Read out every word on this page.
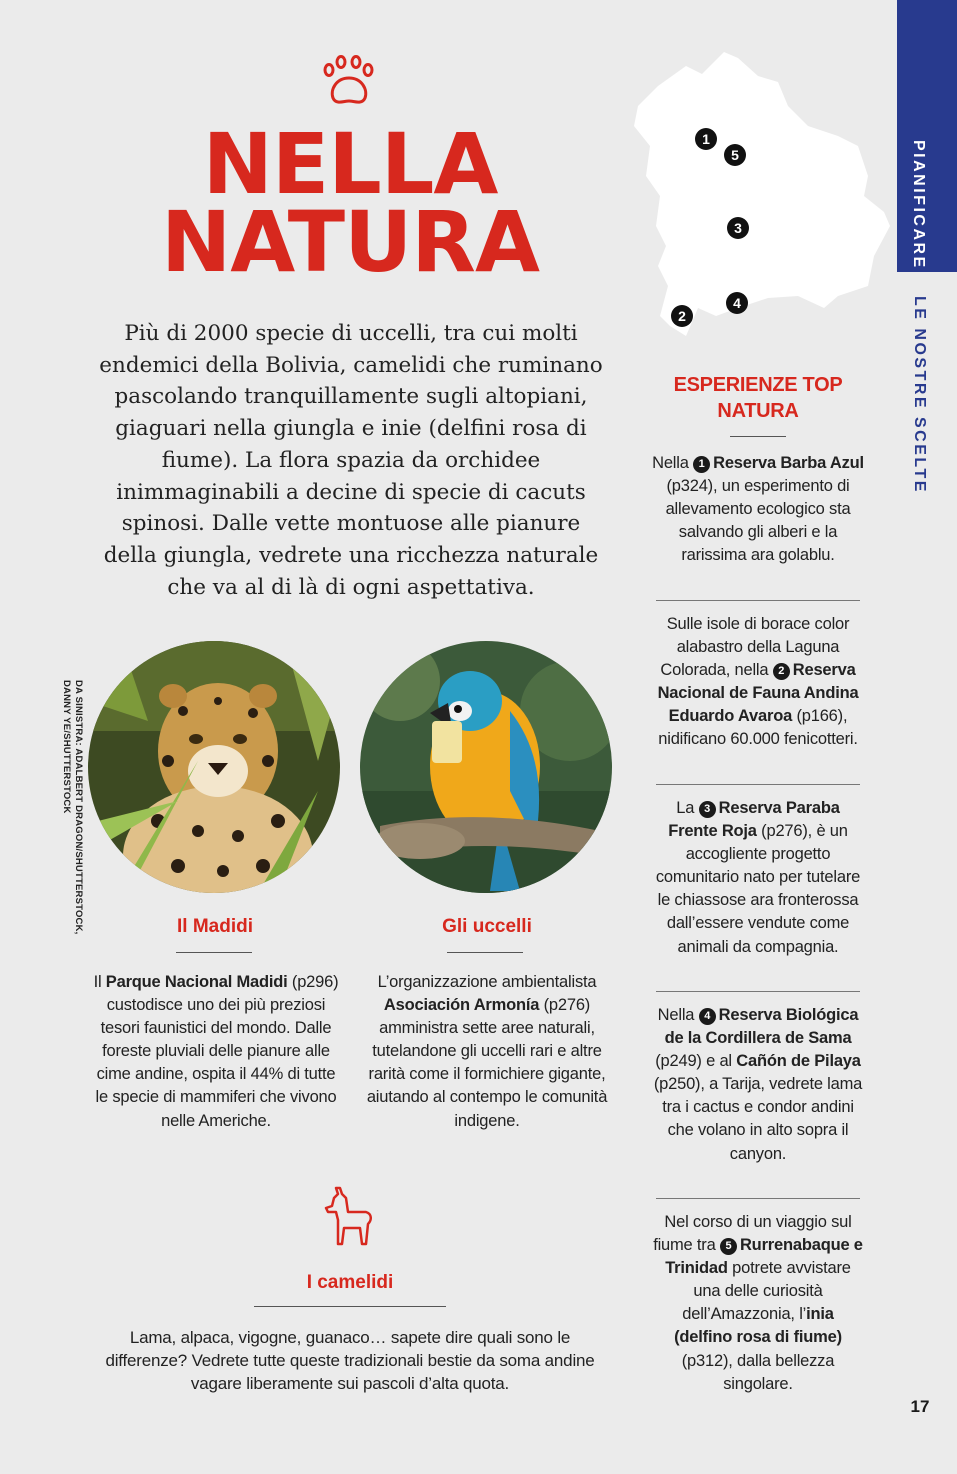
PIANIFICARE
LE NOSTRE SCELTE
NELLA
NATURA
Più di 2000 specie di uccelli, tra cui molti endemici della Bolivia, camelidi che ruminano pascolando tranquillamente sugli altopiani, giaguari nella giungla e inie (delfini rosa di fiume). La flora spazia da orchidee inimmaginabili a decine di specie di cacuts spinosi. Dalle vette montuose alle pianure della giungla, vedrete una ricchezza naturale che va al di là di ogni aspettativa.
DA SINISTRA: ADALBERT DRAGON/SHUTTERSTOCK,
DANNY YE/SHUTTERSTOCK
Il Madidi
Il Parque Nacional Madidi (p296) custodisce uno dei più preziosi tesori faunistici del mondo. Dalle foreste pluviali delle pianure alle cime andine, ospita il 44% di tutte le specie di mammiferi che vivono nelle Americhe.
Gli uccelli
L’organizzazione ambientalista Asociación Armonía (p276) amministra sette aree naturali, tutelandone gli uccelli rari e altre rarità come il formichiere gigante, aiutando al contempo le comunità indigene.
I camelidi
Lama, alpaca, vigogne, guanaco… sapete dire quali sono le differenze? Vedrete tutte queste tradizionali bestie da soma andine vagare liberamente sui pascoli d’alta quota.
1
5
3
2
4
ESPERIENZE TOP
NATURA
Nella 1 Reserva Barba Azul (p324), un esperimento di allevamento ecologico sta salvando gli alberi e la rarissima ara golablu.
Sulle isole di borace color alabastro della Laguna Colorada, nella 2 Reserva Nacional de Fauna Andina Eduardo Avaroa (p166), nidificano 60.000 fenicotteri.
La 3 Reserva Paraba Frente Roja (p276), è un accogliente progetto comunitario nato per tutelare le chiassose ara fronterossa dall’essere vendute come animali da compagnia.
Nella 4 Reserva Biológica de la Cordillera de Sama (p249) e al Cañón de Pilaya (p250), a Tarija, vedrete lama tra i cactus e condor andini che volano in alto sopra il canyon.
Nel corso di un viaggio sul fiume tra 5 Rurrenabaque e Trinidad potrete avvistare una delle curiosità dell’Amazzonia, l’inia (delfino rosa di fiume) (p312), dalla bellezza singolare.
17
